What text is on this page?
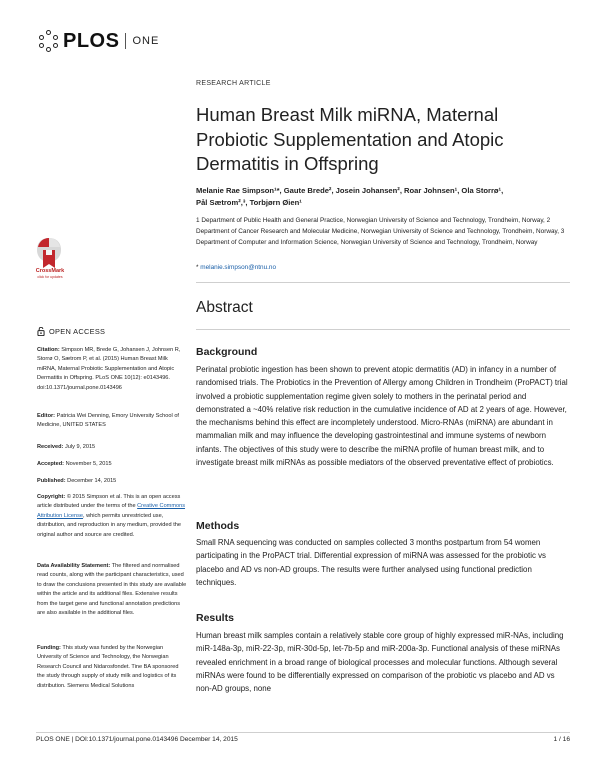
PLOS ONE
CrossMark
click for updates
OPEN ACCESS
Citation: Simpson MR, Brede G, Johansen J, Johnsen R, Storrø O, Sætrom P, et al. (2015) Human Breast Milk miRNA, Maternal Probiotic Supplementation and Atopic Dermatitis in Offspring. PLoS ONE 10(12): e0143496. doi:10.1371/journal.pone.0143496
Editor: Patricia Wei Denning, Emory University School of Medicine, UNITED STATES
Received: July 9, 2015
Accepted: November 5, 2015
Published: December 14, 2015
Copyright: © 2015 Simpson et al. This is an open access article distributed under the terms of the Creative Commons Attribution License, which permits unrestricted use, distribution, and reproduction in any medium, provided the original author and source are credited.
Data Availability Statement: The filtered and normalised read counts, along with the participant characteristics, used to draw the conclusions presented in this study are available within the article and its additional files. Extensive results from the target gene and functional annotation predictions are also available in the additional files.
Funding: This study was funded by the Norwegian University of Science and Technology, the Norwegian Research Council and Nidarosfondet. Tine BA sponsored the study through supply of study milk and logistics of its distribution. Siemens Medical Solutions
RESEARCH ARTICLE
Human Breast Milk miRNA, Maternal Probiotic Supplementation and Atopic Dermatitis in Offspring
Melanie Rae Simpson¹*, Gaute Brede², Josein Johansen², Roar Johnsen¹, Ola Storrø¹,
Pål Sætrom²,³, Torbjørn Øien¹
1 Department of Public Health and General Practice, Norwegian University of Science and Technology, Trondheim, Norway, 2 Department of Cancer Research and Molecular Medicine, Norwegian University of Science and Technology, Trondheim, Norway, 3 Department of Computer and Information Science, Norwegian University of Science and Technology, Trondheim, Norway
* melanie.simpson@ntnu.no
Abstract
Background
Perinatal probiotic ingestion has been shown to prevent atopic dermatitis (AD) in infancy in a number of randomised trials. The Probiotics in the Prevention of Allergy among Children in Trondheim (ProPACT) trial involved a probiotic supplementation regime given solely to mothers in the perinatal period and demonstrated a ~40% relative risk reduction in the cumulative incidence of AD at 2 years of age. However, the mechanisms behind this effect are incompletely understood. Micro-RNAs (miRNA) are abundant in mammalian milk and may influence the developing gastrointestinal and immune systems of newborn infants. The objectives of this study were to describe the miRNA profile of human breast milk, and to investigate breast milk miRNAs as possible mediators of the observed preventative effect of probiotics.
Methods
Small RNA sequencing was conducted on samples collected 3 months postpartum from 54 women participating in the ProPACT trial. Differential expression of miRNA was assessed for the probiotic vs placebo and AD vs non-AD groups. The results were further analysed using functional prediction techniques.
Results
Human breast milk samples contain a relatively stable core group of highly expressed miR-NAs, including miR-148a-3p, miR-22-3p, miR-30d-5p, let-7b-5p and miR-200a-3p. Functional analysis of these miRNAs revealed enrichment in a broad range of biological processes and molecular functions. Although several miRNAs were found to be differentially expressed on comparison of the probiotic vs placebo and AD vs non-AD groups, none
PLOS ONE | DOI:10.1371/journal.pone.0143496 December 14, 2015	1 / 16
